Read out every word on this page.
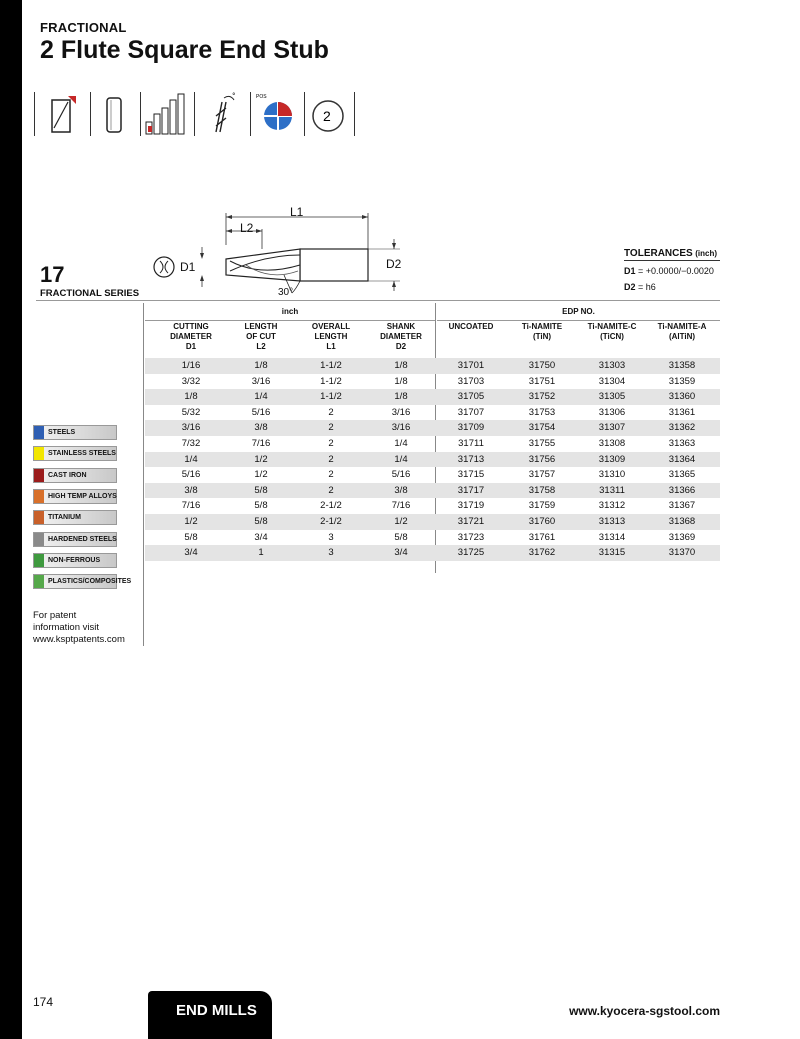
FRACTIONAL
2 Flute Square End Stub
°	POS
2
L1
L2
D1	D2
30°
17
FRACTIONAL SERIES
TOLERANCES (inch)
D1 = +0.0000/−0.0020
D2 = h6
inch	EDP NO.
CUTTING
DIAMETER
D1
LENGTH
OF CUT
L2
OVERALL
LENGTH
L1
SHANK
DIAMETER
D2
UNCOATED	Ti-NAMITE
(TiN)
Ti-NAMITE-C
(TiCN)
Ti-NAMITE-A
(AlTiN)
1/16	1/8	1-1/2	1/8	31701	31750	31303	31358
3/32	3/16	1-1/2	1/8	31703	31751	31304	31359
1/8	1/4	1-1/2	1/8	31705	31752	31305	31360
5/32	5/16	2	3/16	31707	31753	31306	31361
3/16	3/8	2	3/16	31709	31754	31307	31362
7/32	7/16	2	1/4	31711	31755	31308	31363
1/4	1/2	2	1/4	31713	31756	31309	31364
5/16	1/2	2	5/16	31715	31757	31310	31365
3/8	5/8	2	3/8	31717	31758	31311	31366
7/16	5/8	2-1/2	7/16	31719	31759	31312	31367
1/2	5/8	2-1/2	1/2	31721	31760	31313	31368
5/8	3/4	3	5/8	31723	31761	31314	31369
3/4	1	3	3/4	31725	31762	31315	31370
STEELS
STAINLESS STEELS
CAST IRON
HIGH TEMP ALLOYS
TITANIUM
HARDENED STEELS
NON-FERROUS
PLASTICS/COMPOSITES
For patent
information visit
www.ksptpatents.com
174	END MILLS	www.kyocera-sgstool.com
